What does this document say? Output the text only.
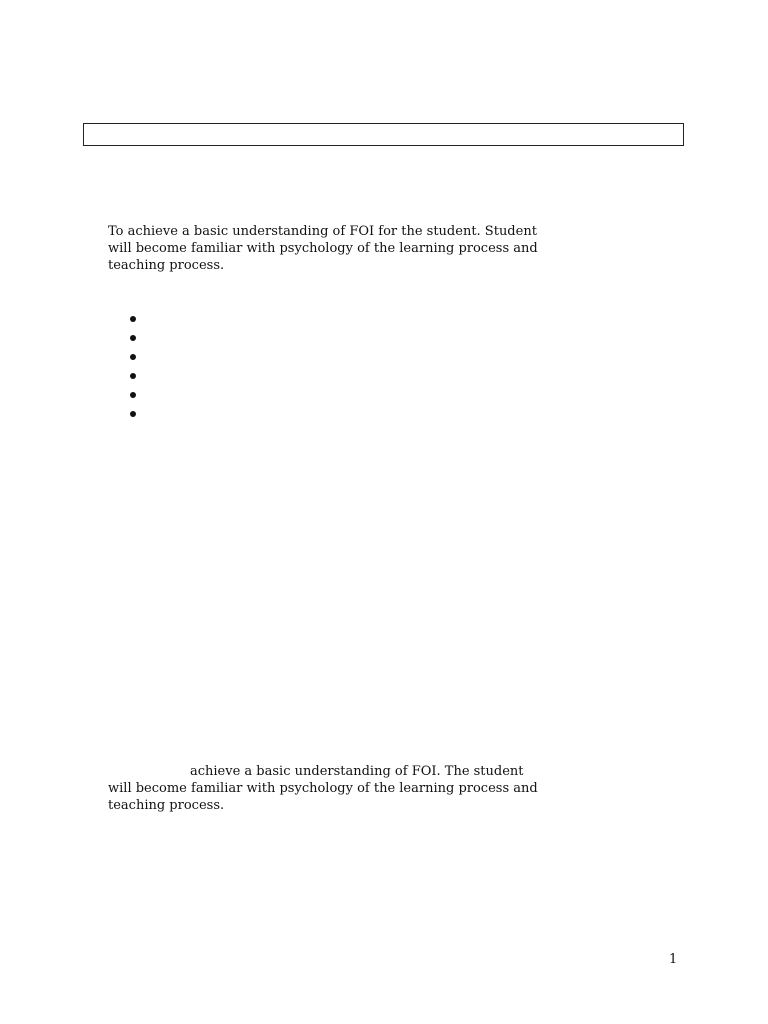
To achieve a basic understanding of FOI for the student. Student
will become familiar with psychology of the learning process and
teaching process.

achieve a basic understanding of FOI. The student
will become familiar with psychology of the learning process and
teaching process.

1
